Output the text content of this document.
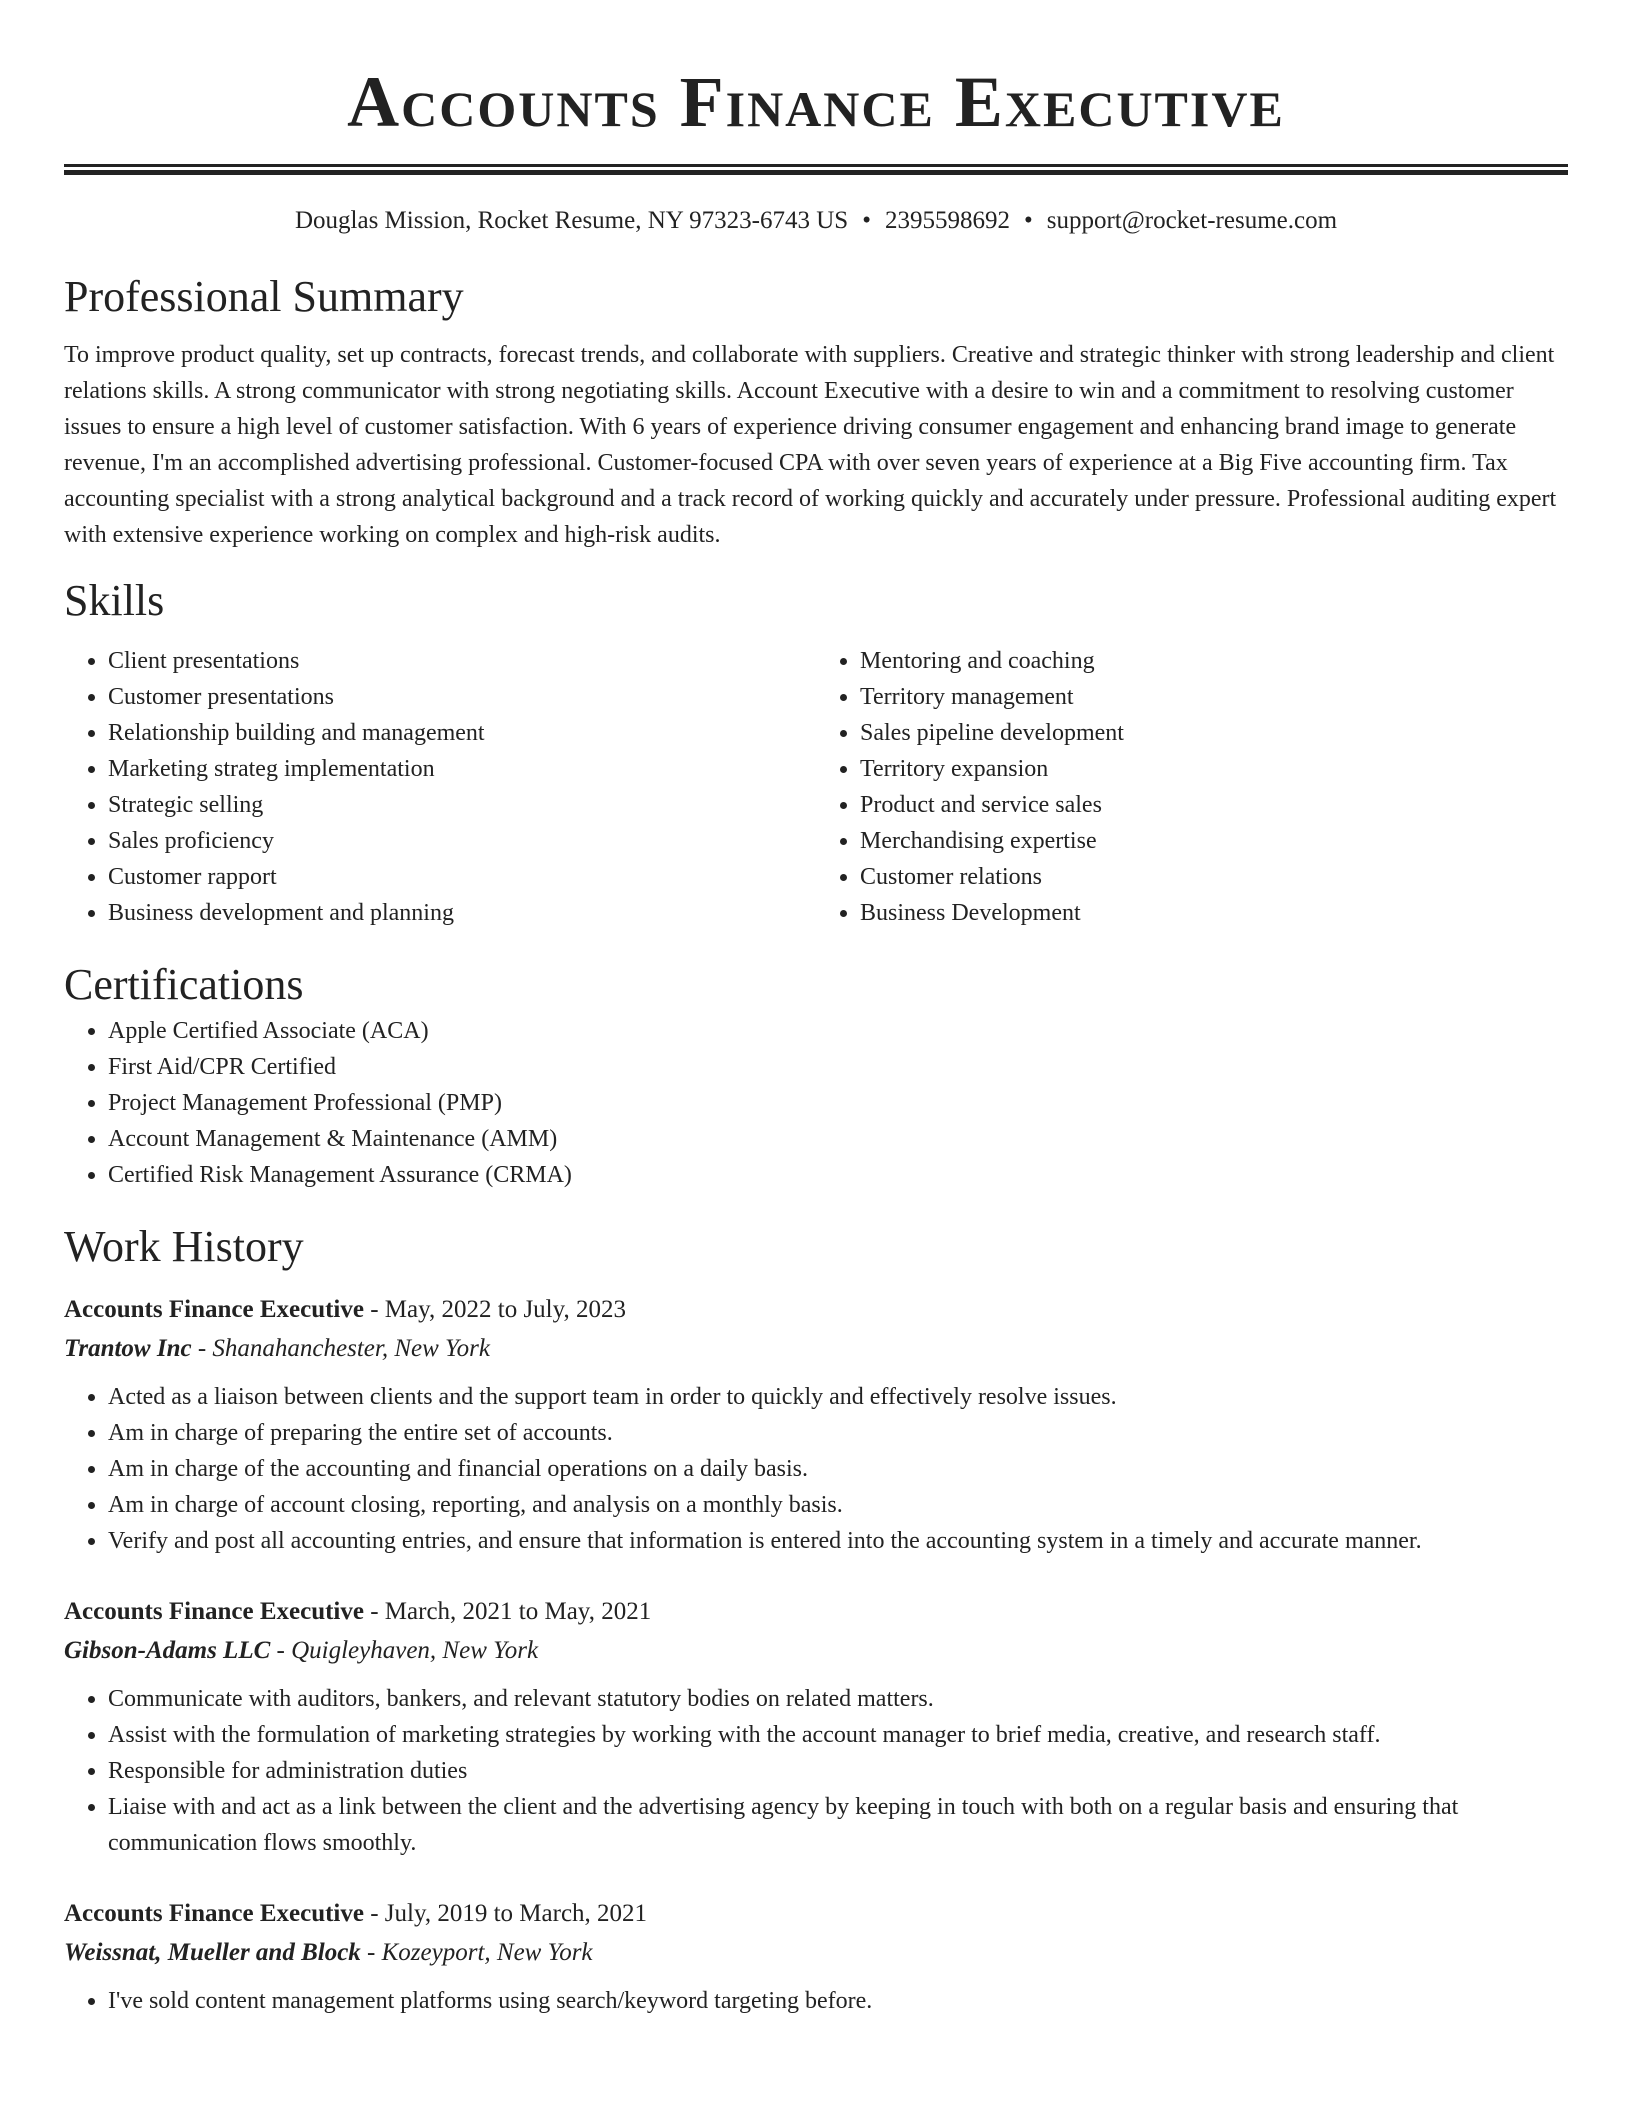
Accounts Finance Executive
Douglas Mission, Rocket Resume, NY 97323-6743 US • 2395598692 • support@rocket-resume.com
Professional Summary

To improve product quality, set up contracts, forecast trends, and collaborate with suppliers. Creative and strategic thinker with strong leadership and client relations skills. A strong communicator with strong negotiating skills. Account Executive with a desire to win and a commitment to resolving customer issues to ensure a high level of customer satisfaction. With 6 years of experience driving consumer engagement and enhancing brand image to generate revenue, I'm an accomplished advertising professional. Customer-focused CPA with over seven years of experience at a Big Five accounting firm. Tax accounting specialist with a strong analytical background and a track record of working quickly and accurately under pressure. Professional auditing expert with extensive experience working on complex and high-risk audits.

Skills
• Client presentations
• Customer presentations
• Relationship building and management
• Marketing strateg implementation
• Strategic selling
• Sales proficiency
• Customer rapport
• Business development and planning
• Mentoring and coaching
• Territory management
• Sales pipeline development
• Territory expansion
• Product and service sales
• Merchandising expertise
• Customer relations
• Business Development
Certifications
• Apple Certified Associate (ACA)
• First Aid/CPR Certified
• Project Management Professional (PMP)
• Account Management & Maintenance (AMM)
• Certified Risk Management Assurance (CRMA)
Work History
Accounts Finance Executive - May, 2022 to July, 2023
Trantow Inc - Shanahanchester, New York
• Acted as a liaison between clients and the support team in order to quickly and effectively resolve issues.
• Am in charge of preparing the entire set of accounts.
• Am in charge of the accounting and financial operations on a daily basis.
• Am in charge of account closing, reporting, and analysis on a monthly basis.
• Verify and post all accounting entries, and ensure that information is entered into the accounting system in a timely and accurate manner.
Accounts Finance Executive - March, 2021 to May, 2021
Gibson-Adams LLC - Quigleyhaven, New York
• Communicate with auditors, bankers, and relevant statutory bodies on related matters.
• Assist with the formulation of marketing strategies by working with the account manager to brief media, creative, and research staff.
• Responsible for administration duties
• Liaise with and act as a link between the client and the advertising agency by keeping in touch with both on a regular basis and ensuring that communication flows smoothly.
Accounts Finance Executive - July, 2019 to March, 2021
Weissnat, Mueller and Block - Kozeyport, New York
• I've sold content management platforms using search/keyword targeting before.
